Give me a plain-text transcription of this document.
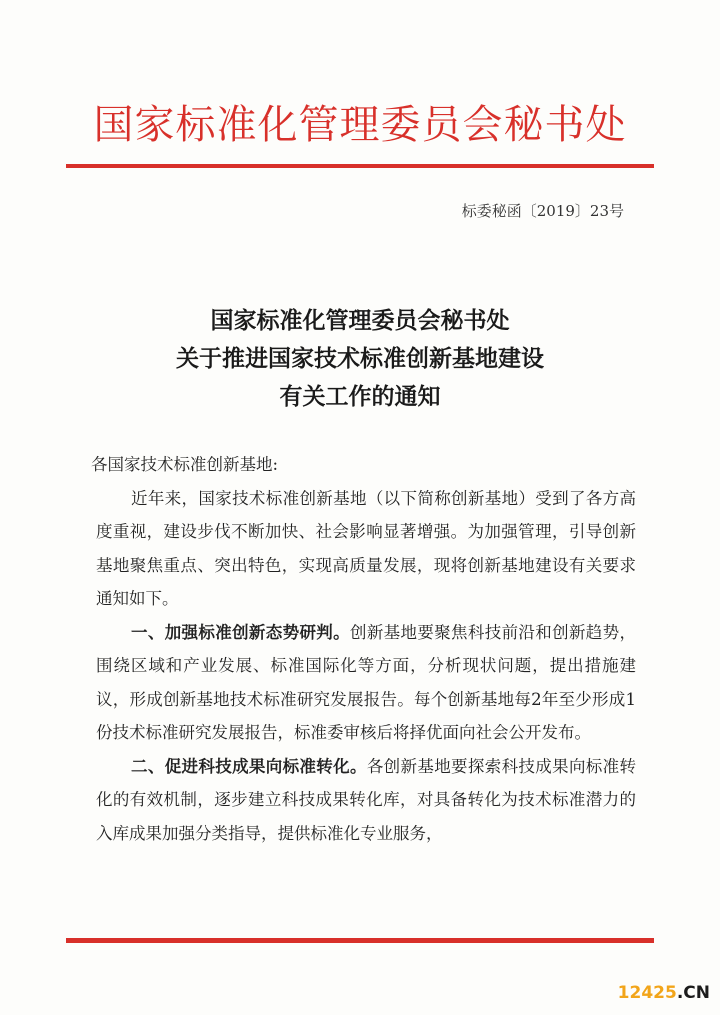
国家标准化管理委员会秘书处
标委秘函〔2019〕23号
国家标准化管理委员会秘书处
关于推进国家技术标准创新基地建设
有关工作的通知
各国家技术标准创新基地:

近年来，国家技术标准创新基地（以下简称创新基地）受到了各方高度重视，建设步伐不断加快、社会影响显著增强。为加强管理，引导创新基地聚焦重点、突出特色，实现高质量发展，现将创新基地建设有关要求通知如下。

一、加强标准创新态势研判。创新基地要聚焦科技前沿和创新趋势，围绕区域和产业发展、标准国际化等方面，分析现状问题，提出措施建议，形成创新基地技术标准研究发展报告。每个创新基地每2年至少形成1份技术标准研究发展报告，标准委审核后将择优面向社会公开发布。

二、促进科技成果向标准转化。各创新基地要探索科技成果向标准转化的有效机制，逐步建立科技成果转化库，对具备转化为技术标准潜力的入库成果加强分类指导，提供标准化专业服务，

12425.CN
